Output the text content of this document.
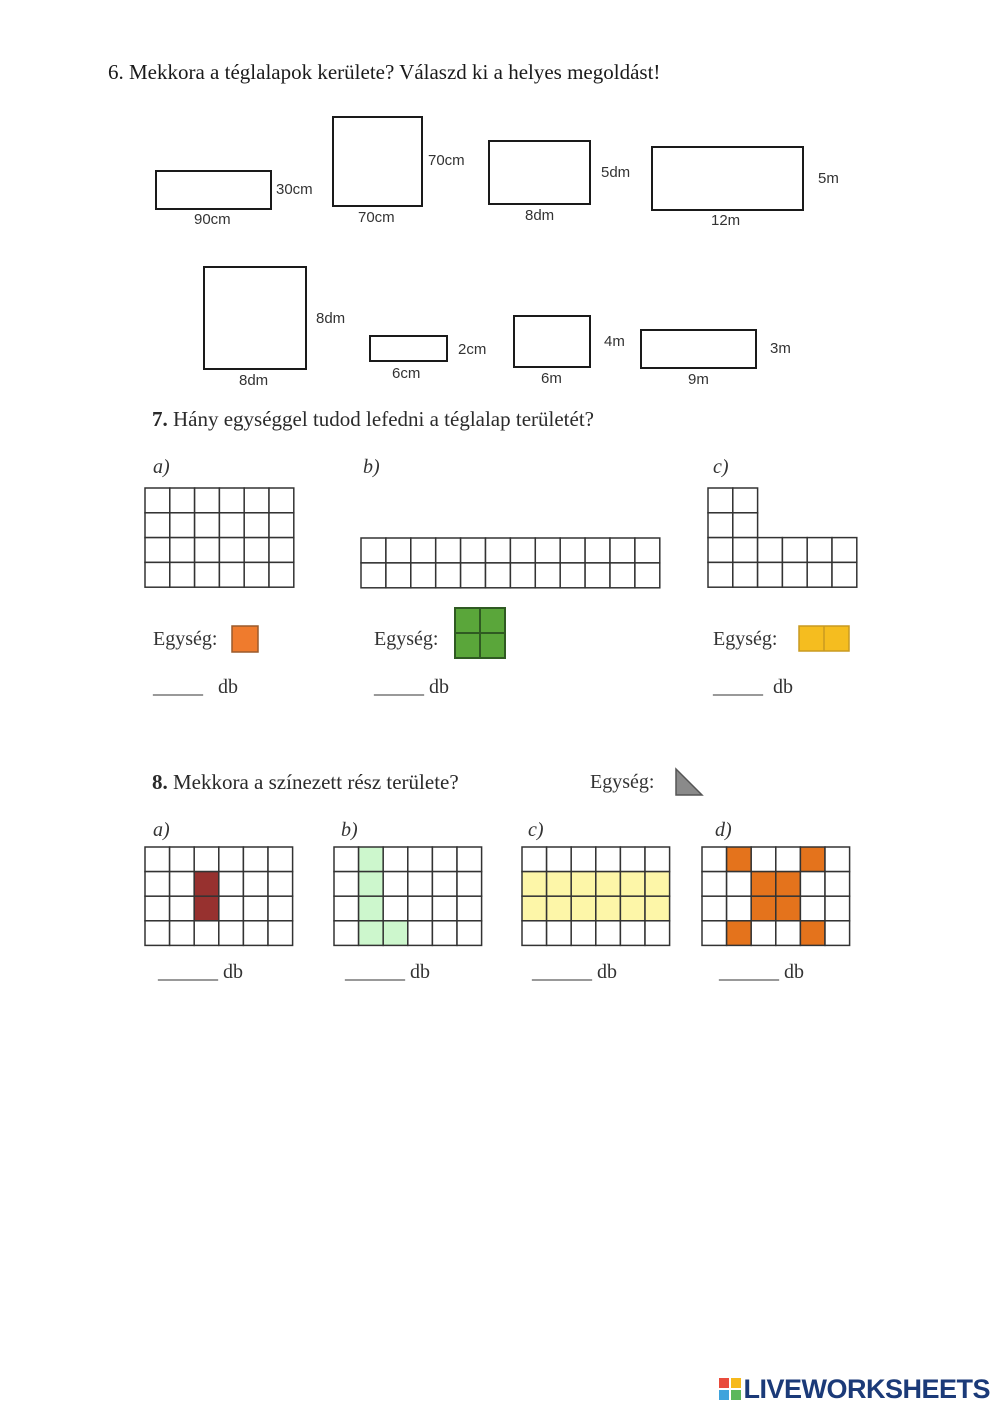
6. Mekkora a téglalapok kerülete? Válaszd ki a helyes megoldást!
90cm
30cm
70cm
70cm
8dm
5dm
12m
5m
8dm
8dm
6cm
2cm
6m
4m
9m
3m
7. Hány egységgel tudod lefedni a téglalap területét?
a)	b)	c)
Egység:	Egység:	Egység:
_____ db	_____ db	_____ db
8. Mekkora a színezett rész területe?	Egység:
a)	b)	c)	d)
______ db	______ db	______ db	______ db
LIVEWORKSHEETS
